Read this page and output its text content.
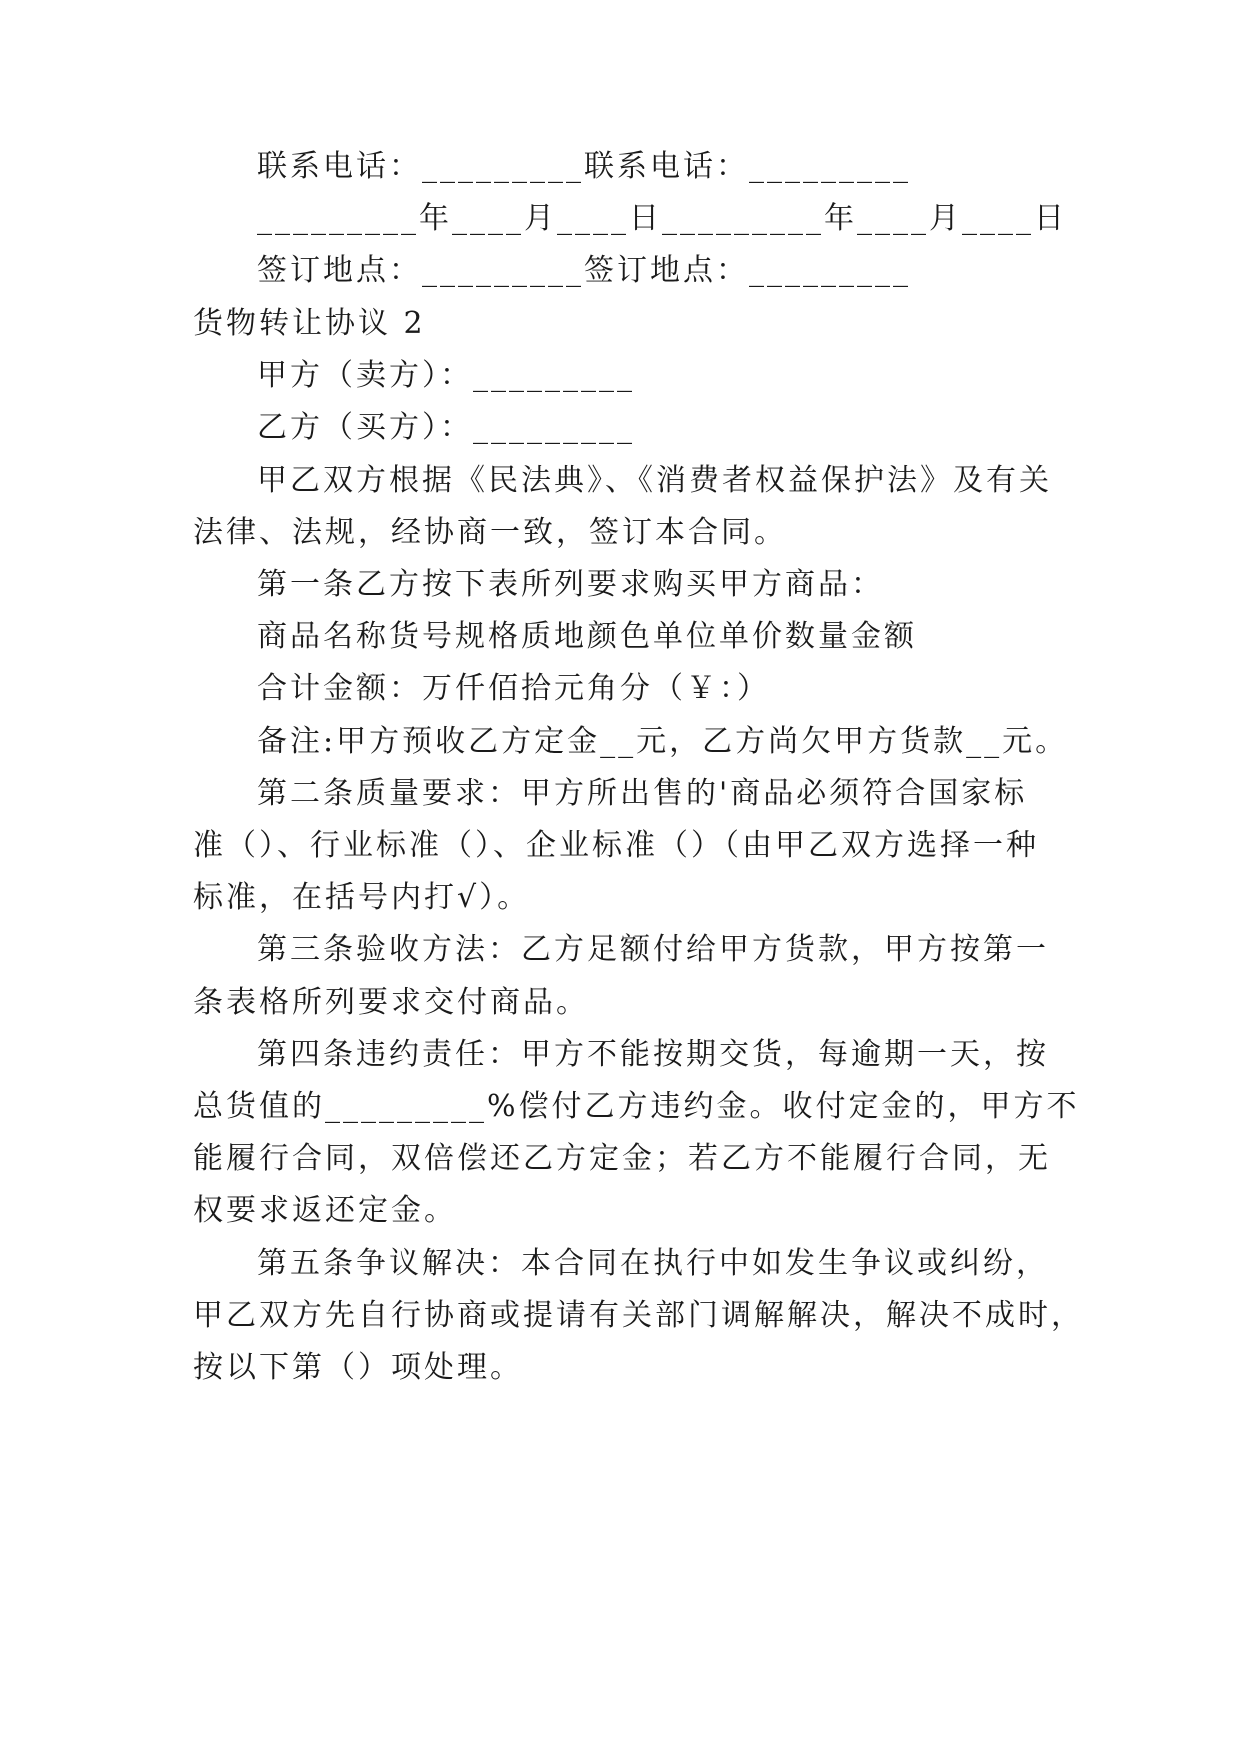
联系电话：_________联系电话：_________
_________年____月____日_________年____月____日
签订地点：_________签订地点：_________
货物转让协议 2
甲方（卖方）：_________
乙方（买方）：_________
甲乙双方根据《民法典》、《消费者权益保护法》及有关
法律、法规，经协商一致，签订本合同。
第一条乙方按下表所列要求购买甲方商品：
商品名称货号规格质地颜色单位单价数量金额
合计金额：万仟佰拾元角分（￥：）
备注:甲方预收乙方定金__元，乙方尚欠甲方货款__元。
第二条质量要求：甲方所出售的'商品必须符合国家标
准（）、行业标准（）、企业标准（）（由甲乙双方选择一种
标准，在括号内打√）。
第三条验收方法：乙方足额付给甲方货款，甲方按第一
条表格所列要求交付商品。
第四条违约责任：甲方不能按期交货，每逾期一天，按
总货值的_________%偿付乙方违约金。收付定金的，甲方不
能履行合同，双倍偿还乙方定金；若乙方不能履行合同，无
权要求返还定金。
第五条争议解决：本合同在执行中如发生争议或纠纷，
甲乙双方先自行协商或提请有关部门调解解决，解决不成时，
按以下第（）项处理。
